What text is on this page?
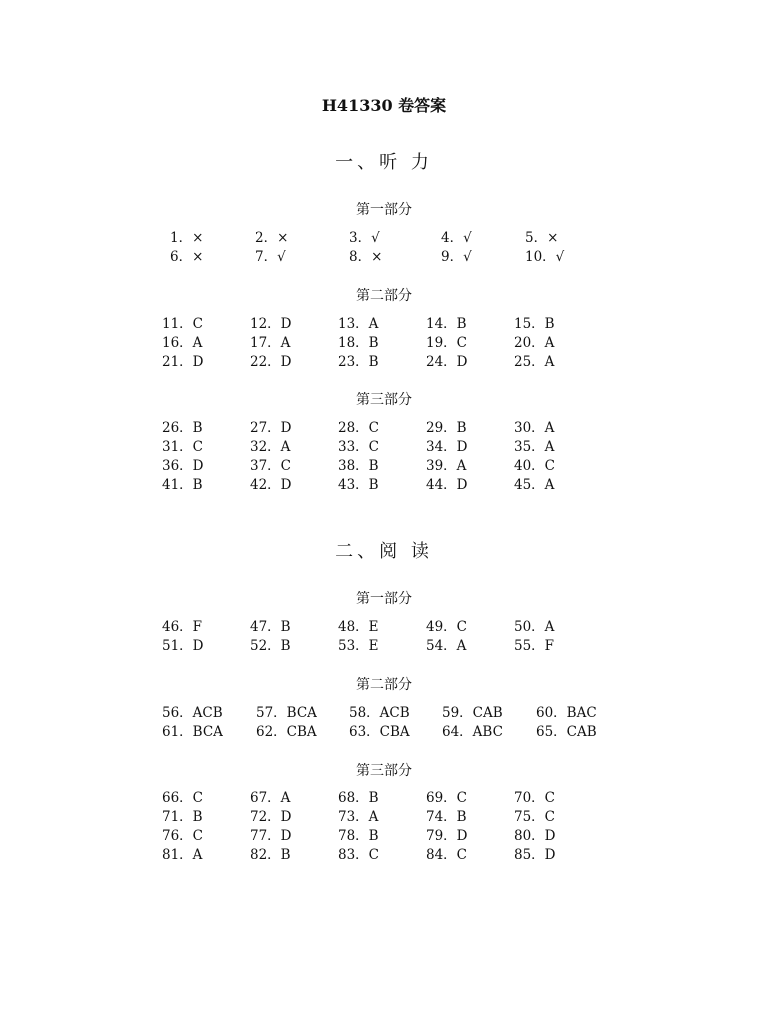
H41330 卷答案
一、听 力
第一部分
1．×	2．×	3．√	4．√	5．×
6．×	7．√	8．×	9．√	10．√
第二部分
11．C	12．D	13．A	14．B	15．B
16．A	17．A	18．B	19．C	20．A
21．D	22．D	23．B	24．D	25．A
第三部分
26．B	27．D	28．C	29．B	30．A
31．C	32．A	33．C	34．D	35．A
36．D	37．C	38．B	39．A	40．C
41．B	42．D	43．B	44．D	45．A
二、阅 读
第一部分
46．F	47．B	48．E	49．C	50．A
51．D	52．B	53．E	54．A	55．F
第二部分
56．ACB 57．BCA 58．ACB 59．CAB 60．BAC
61．BCA 62．CBA 63．CBA 64．ABC 65．CAB
第三部分
66．C	67．A	68．B	69．C	70．C
71．B	72．D	73．A	74．B	75．C
76．C	77．D	78．B	79．D	80．D
81．A	82．B	83．C	84．C	85．D
